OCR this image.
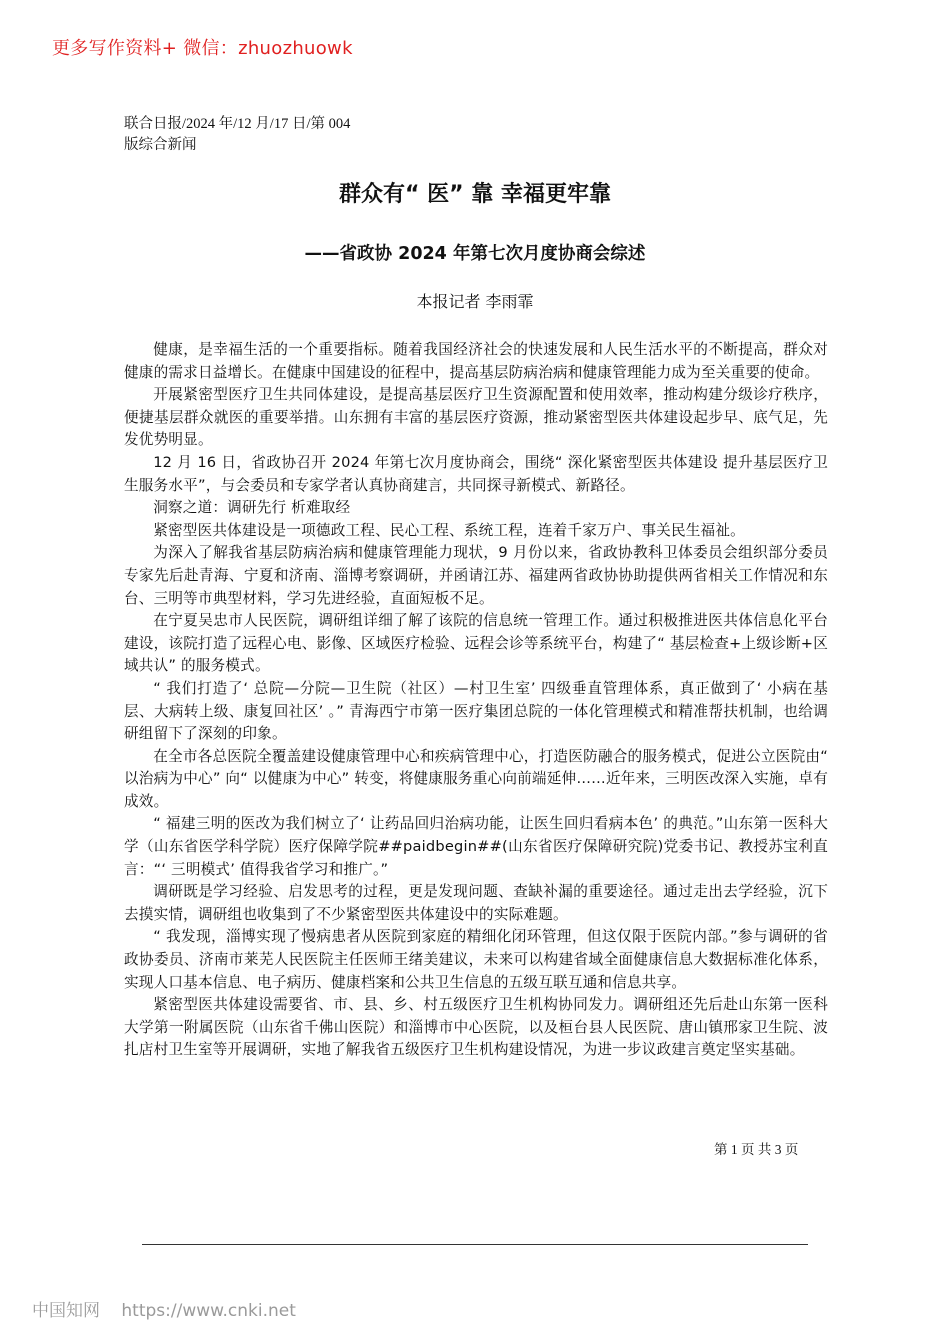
更多写作资料+ 微信：zhuozhuowk
联合日报/2024 年/12 月/17 日/第 004
版综合新闻
群众有“ 医” 靠 幸福更牢靠
——省政协 2024 年第七次月度协商会综述
本报记者 李雨霏

健康，是幸福生活的一个重要指标。随着我国经济社会的快速发展和人民生活水平的不断提高，群众对健康的需求日益增长。在健康中国建设的征程中，提高基层防病治病和健康管理能力成为至关重要的使命。

开展紧密型医疗卫生共同体建设，是提高基层医疗卫生资源配置和使用效率，推动构建分级诊疗秩序，便捷基层群众就医的重要举措。山东拥有丰富的基层医疗资源，推动紧密型医共体建设起步早、底气足，先发优势明显。

12 月 16 日，省政协召开 2024 年第七次月度协商会，围绕“ 深化紧密型医共体建设 提升基层医疗卫生服务水平”，与会委员和专家学者认真协商建言，共同探寻新模式、新路径。

洞察之道：调研先行 析难取经

紧密型医共体建设是一项德政工程、民心工程、系统工程，连着千家万户、事关民生福祉。

为深入了解我省基层防病治病和健康管理能力现状，9 月份以来，省政协教科卫体委员会组织部分委员专家先后赴青海、宁夏和济南、淄博考察调研，并函请江苏、福建两省政协协助提供两省相关工作情况和东台、三明等市典型材料，学习先进经验，直面短板不足。

在宁夏吴忠市人民医院，调研组详细了解了该院的信息统一管理工作。通过积极推进医共体信息化平台建设，该院打造了远程心电、影像、区域医疗检验、远程会诊等系统平台，构建了“ 基层检查+上级诊断+区域共认” 的服务模式。

“ 我们打造了‘ 总院—分院—卫生院（社区）—村卫生室’ 四级垂直管理体系，真正做到了‘ 小病在基层、大病转上级、康复回社区’ 。” 青海西宁市第一医疗集团总院的一体化管理模式和精准帮扶机制，也给调研组留下了深刻的印象。

在全市各总医院全覆盖建设健康管理中心和疾病管理中心，打造医防融合的服务模式，促进公立医院由“ 以治病为中心” 向“ 以健康为中心” 转变，将健康服务重心向前端延伸……近年来，三明医改深入实施，卓有成效。

“ 福建三明的医改为我们树立了‘ 让药品回归治病功能，让医生回归看病本色’ 的典范。”山东第一医科大学（山东省医学科学院）医疗保障学院##paidbegin##(山东省医疗保障研究院)党委书记、教授苏宝利直言：“‘ 三明模式’ 值得我省学习和推广。”

调研既是学习经验、启发思考的过程，更是发现问题、查缺补漏的重要途径。通过走出去学经验，沉下去摸实情，调研组也收集到了不少紧密型医共体建设中的实际难题。

“ 我发现，淄博实现了慢病患者从医院到家庭的精细化闭环管理，但这仅限于医院内部。”参与调研的省政协委员、济南市莱芜人民医院主任医师王绪美建议，未来可以构建省域全面健康信息大数据标准化体系，实现人口基本信息、电子病历、健康档案和公共卫生信息的五级互联互通和信息共享。

紧密型医共体建设需要省、市、县、乡、村五级医疗卫生机构协同发力。调研组还先后赴山东第一医科大学第一附属医院（山东省千佛山医院）和淄博市中心医院，以及桓台县人民医院、唐山镇邢家卫生院、波扎店村卫生室等开展调研，实地了解我省五级医疗卫生机构建设情况，为进一步议政建言奠定坚实基础。

第 1 页 共 3 页
中国知网 https://www.cnki.net
